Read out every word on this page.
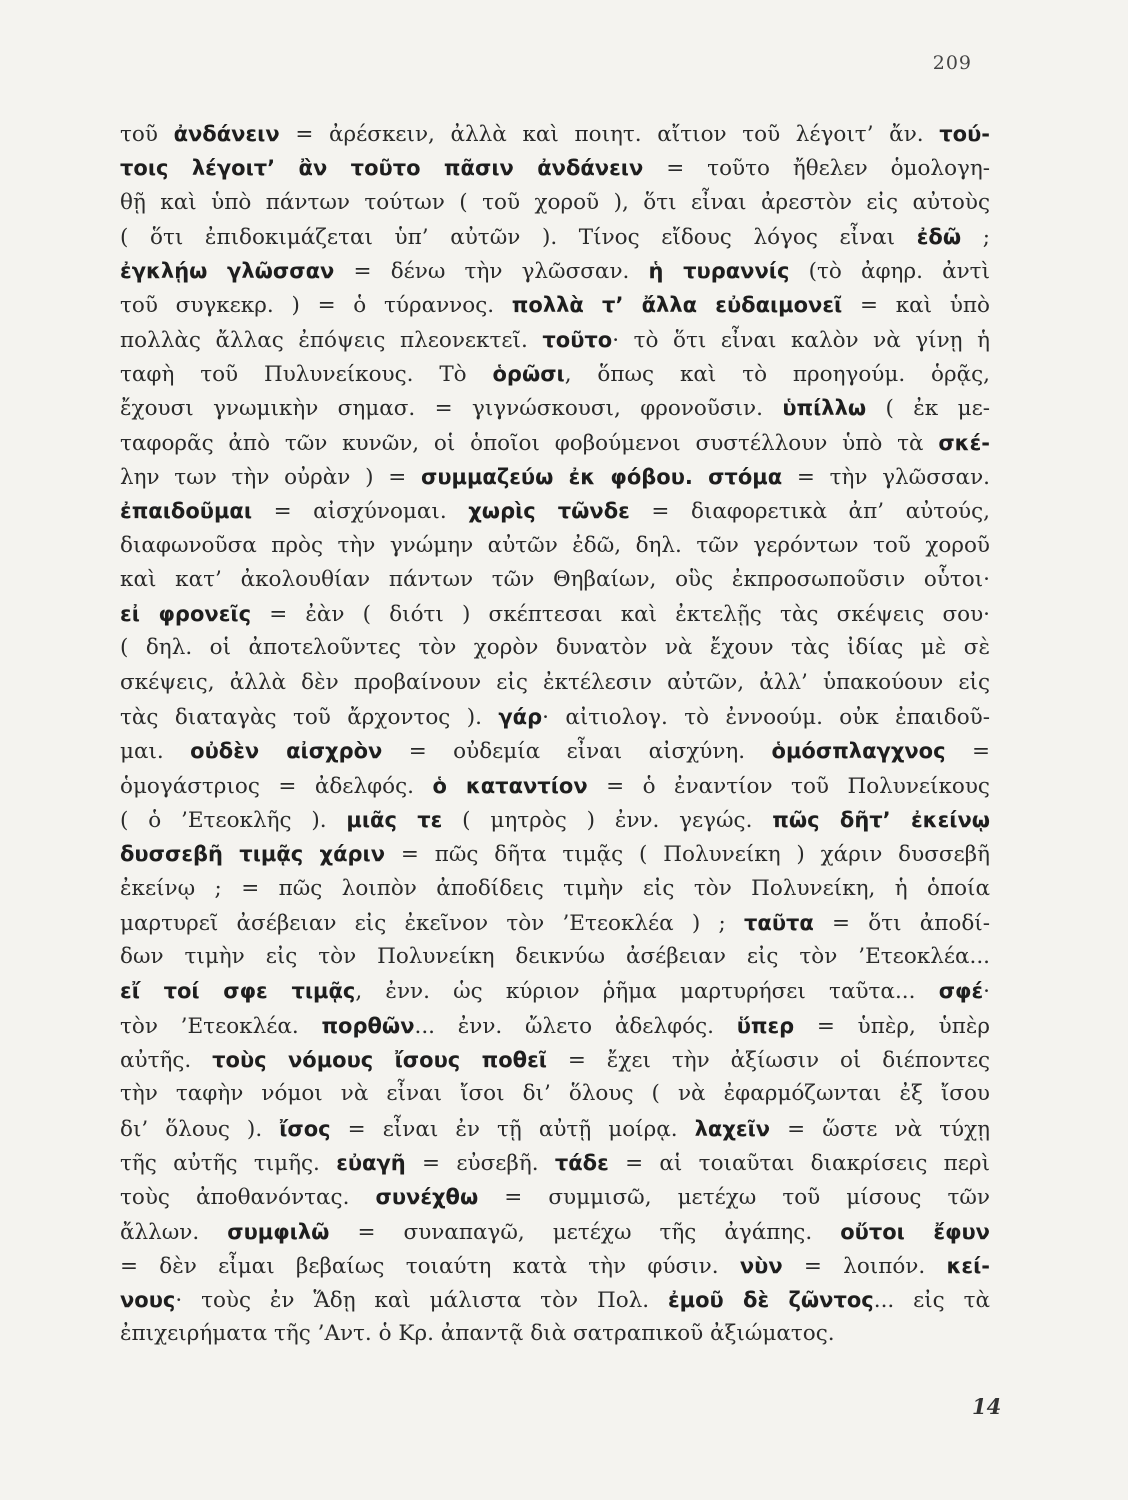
209
τοῦ ἀνδάνειν = ἀρέσκειν, ἀλλὰ καὶ ποιητ. αἴτιον τοῦ λέγοιτ’ ἄν. τού-
τοις λέγοιτ’ ἂν τοῦτο πᾶσιν ἀνδάνειν = τοῦτο ἤθελεν ὁμολογη-
θῇ καὶ ὑπὸ πάντων τούτων ( τοῦ χοροῦ ), ὅτι εἶναι ἀρεστὸν εἰς αὐτοὺς
( ὅτι ἐπιδοκιμάζεται ὑπ’ αὐτῶν ). Τίνος εἴδους λόγος εἶναι ἐδῶ ;
ἐγκλῄω γλῶσσαν = δένω τὴν γλῶσσαν. ἡ τυραννίς (τὸ ἀφηρ. ἀντὶ
τοῦ συγκεκρ. ) = ὁ τύραννος. πολλὰ τ’ ἄλλα εὐδαιμονεῖ = καὶ ὑπὸ
πολλὰς ἄλλας ἐπόψεις πλεονεκτεῖ. τοῦτο· τὸ ὅτι εἶναι καλὸν νὰ γίνῃ ἡ
ταφὴ τοῦ Πυλυνείκους. Τὸ ὁρῶσι, ὅπως καὶ τὸ προηγούμ. ὁρᾷς,
ἔχουσι γνωμικὴν σημασ. = γιγνώσκουσι, φρονοῦσιν. ὑπίλλω ( ἐκ με-
ταφορᾶς ἀπὸ τῶν κυνῶν, οἱ ὁποῖοι φοβούμενοι συστέλλουν ὑπὸ τὰ σκέ-
λην των τὴν οὐρὰν ) = συμμαζεύω ἐκ φόβου. στόμα = τὴν γλῶσσαν.
ἐπαιδοῦμαι = αἰσχύνομαι. χωρὶς τῶνδε = διαφορετικὰ ἀπ’ αὐτούς,
διαφωνοῦσα πρὸς τὴν γνώμην αὐτῶν ἐδῶ, δηλ. τῶν γερόντων τοῦ χοροῦ
καὶ κατ’ ἀκολουθίαν πάντων τῶν Θηβαίων, οὓς ἐκπροσωποῦσιν οὗτοι·
εἰ φρονεῖς = ἐὰν ( διότι ) σκέπτεσαι καὶ ἐκτελῇς τὰς σκέψεις σου·
( δηλ. οἱ ἀποτελοῦντες τὸν χορὸν δυνατὸν νὰ ἔχουν τὰς ἰδίας μὲ σὲ
σκέψεις, ἀλλὰ δὲν προβαίνουν εἰς ἐκτέλεσιν αὐτῶν, ἀλλ’ ὑπακούουν εἰς
τὰς διαταγὰς τοῦ ἄρχοντος ). γάρ· αἰτιολογ. τὸ ἐννοούμ. οὐκ ἐπαιδοῦ-
μαι. οὐδὲν αἰσχρὸν = οὐδεμία εἶναι αἰσχύνη. ὁμόσπλαγχνος =
ὁμογάστριος = ἀδελφός. ὁ καταντίον = ὁ ἐναντίον τοῦ Πολυνείκους
( ὁ ’Ετεοκλῆς ). μιᾶς τε ( μητρὸς ) ἐνν. γεγώς. πῶς δῆτ’ ἐκείνῳ
δυσσεβῆ τιμᾷς χάριν = πῶς δῆτα τιμᾷς ( Πολυνείκη ) χάριν δυσσεβῆ
ἐκείνῳ ; = πῶς λοιπὸν ἀποδίδεις τιμὴν εἰς τὸν Πολυνείκη, ἡ ὁποία
μαρτυρεῖ ἀσέβειαν εἰς ἐκεῖνον τὸν ’Ετεοκλέα ) ; ταῦτα = ὅτι ἀποδί-
δων τιμὴν εἰς τὸν Πολυνείκη δεικνύω ἀσέβειαν εἰς τὸν ’Ετεοκλέα...
εἴ τοί σφε τιμᾷς, ἐνν. ὡς κύριον ῥῆμα μαρτυρήσει ταῦτα... σφέ·
τὸν ’Ετεοκλέα. πορθῶν... ἐνν. ὤλετο ἀδελφός. ὕπερ = ὑπὲρ, ὑπὲρ
αὐτῆς. τοὺς νόμους ἴσους ποθεῖ = ἔχει τὴν ἀξίωσιν οἱ διέποντες
τὴν ταφὴν νόμοι νὰ εἶναι ἴσοι δι’ ὅλους ( νὰ ἐφαρμόζωνται ἐξ ἴσου
δι’ ὅλους ). ἴσος = εἶναι ἐν τῇ αὐτῇ μοίρᾳ. λαχεῖν = ὥστε νὰ τύχῃ
τῆς αὐτῆς τιμῆς. εὐαγῆ = εὐσεβῆ. τάδε = αἱ τοιαῦται διακρίσεις περὶ
τοὺς ἀποθανόντας. συνέχθω = συμμισῶ, μετέχω τοῦ μίσους τῶν
ἄλλων. συμφιλῶ = συναπαγῶ, μετέχω τῆς ἀγάπης. οὔτοι ἔφυν
= δὲν εἶμαι βεβαίως τοιαύτη κατὰ τὴν φύσιν. νὺν = λοιπόν. κεί-
νους· τοὺς ἐν Ἅδῃ καὶ μάλιστα τὸν Πολ. ἐμοῦ δὲ ζῶντος... εἰς τὰ
ἐπιχειρήματα τῆς ’Αντ. ὁ Κρ. ἀπαντᾷ διὰ σατραπικοῦ ἀξιώματος.
14
